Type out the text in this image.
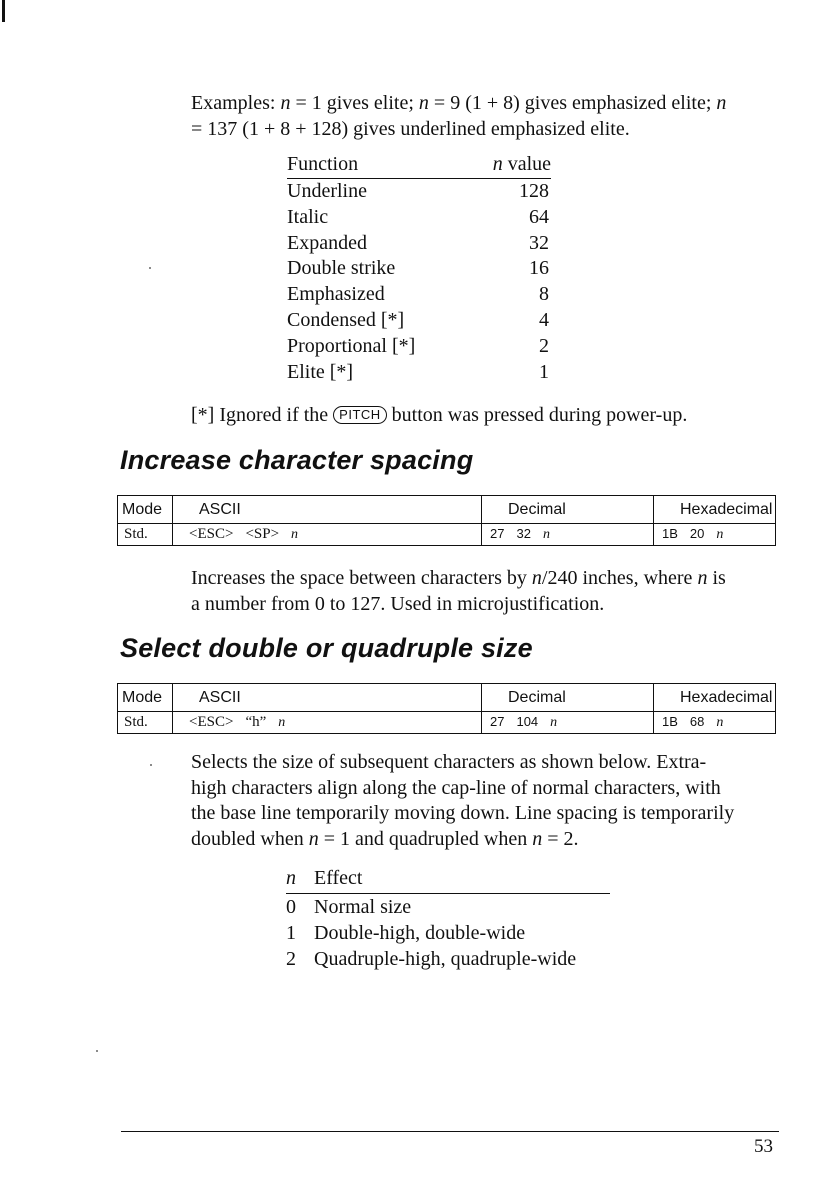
Examples: n = 1 gives elite; n = 9 (1 + 8) gives emphasized elite; n
= 137 (1 + 8 + 128) gives underlined emphasized elite.
Function	n value
Underline	128
Italic	64
Expanded	32
Double strike	16
Emphasized	8
Condensed [*]	4
Proportional [*]	2
Elite [*]	1
[*] Ignored if the PITCH button was pressed during power-up.
Increase character spacing
Mode	ASCII	Decimal	Hexadecimal
Std.	<ESC> <SP> n	27 32 n	1B 20 n
Increases the space between characters by n/240 inches, where n is
a number from 0 to 127. Used in microjustification.
Select double or quadruple size
Mode	ASCII	Decimal	Hexadecimal
Std.	<ESC> “h” n	27 104 n	1B 68 n
Selects the size of subsequent characters as shown below. Extra-
high characters align along the cap-line of normal characters, with
the base line temporarily moving down. Line spacing is temporarily
doubled when n = 1 and quadrupled when n = 2.
n Effect
0 Normal size
1 Double-high, double-wide
2 Quadruple-high, quadruple-wide
53
